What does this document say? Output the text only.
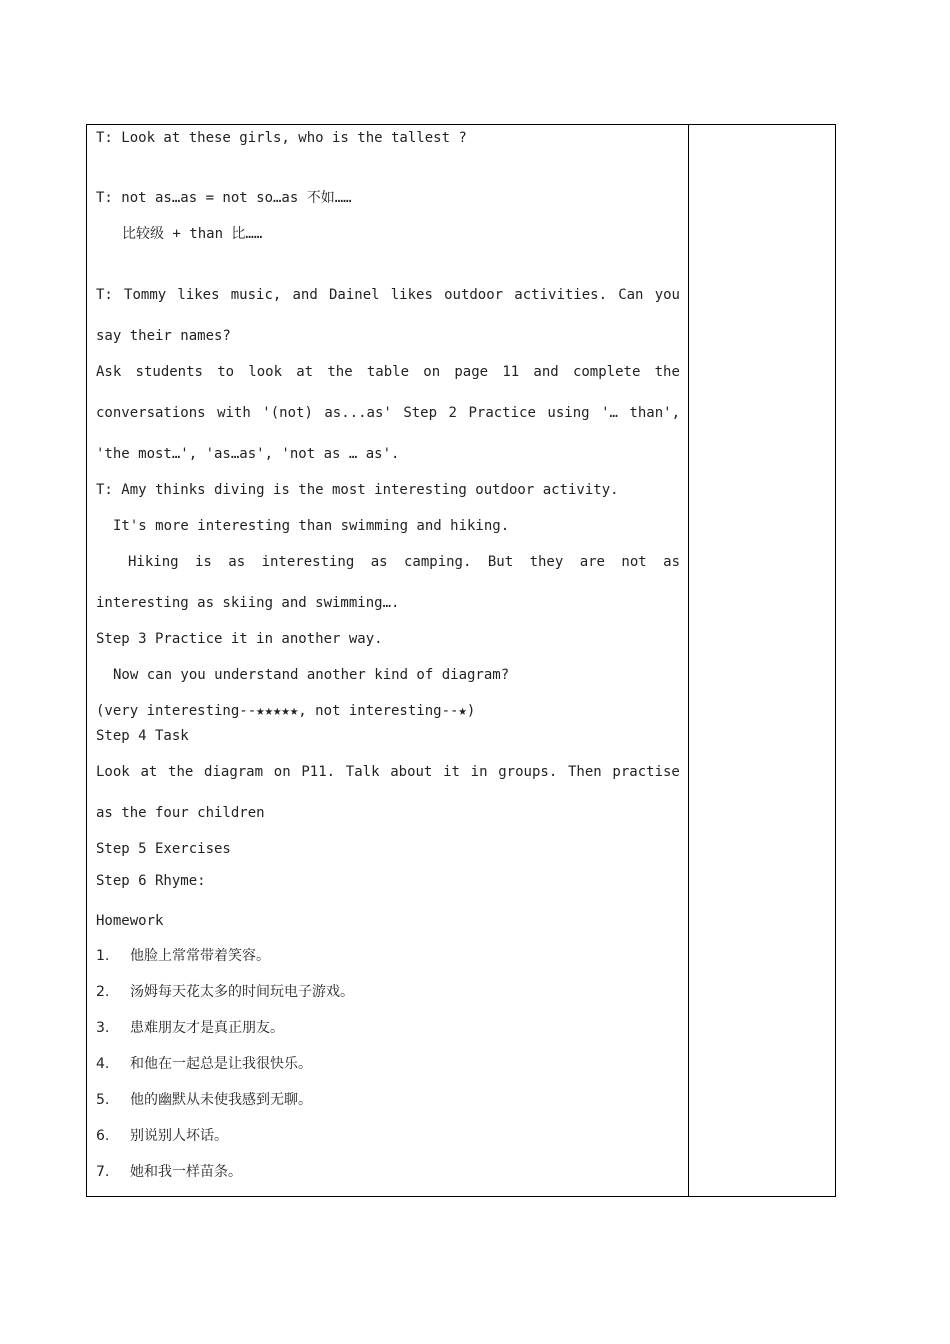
T: Look at these girls, who is the tallest ?
T: not as…as = not so…as 不如……
比较级 + than 比……
T: Tommy likes music, and Dainel likes outdoor activities. Can you
say their names?
Ask students to look at the table on page 11 and complete the
conversations with '(not) as...as' Step 2 Practice using '… than',
'the most…', 'as…as', 'not as … as'.
T: Amy thinks diving is the most interesting outdoor activity.
It's more interesting than swimming and hiking.
Hiking is as interesting as camping. But they are not as
interesting as skiing and swimming….
Step 3 Practice it in another way.
Now can you understand another kind of diagram?
(very interesting--★★★★★, not interesting--★)
Step 4 Task
Look at the diagram on P11. Talk about it in groups. Then practise
as the four children
Step 5 Exercises
Step 6 Rhyme:
Homework
1. 他脸上常常带着笑容。
2. 汤姆每天花太多的时间玩电子游戏。
3. 患难朋友才是真正朋友。
4. 和他在一起总是让我很快乐。
5. 他的幽默从未使我感到无聊。
6. 别说别人坏话。
7. 她和我一样苗条。
